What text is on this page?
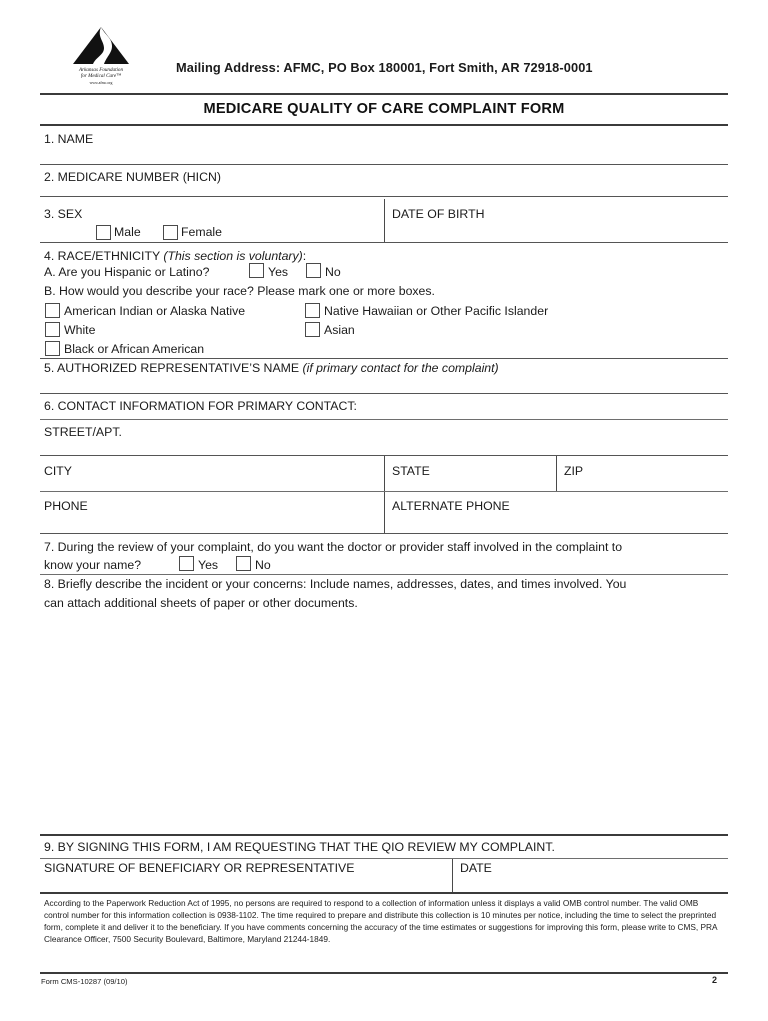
Arkansas Foundation
for Medical Care™
www.afmc.org
Mailing Address: AFMC, PO Box 180001, Fort Smith, AR 72918-0001
MEDICARE QUALITY OF CARE COMPLAINT FORM
1. NAME
2. MEDICARE NUMBER (HICN)
3. SEX
Male	Female
DATE OF BIRTH
4. RACE/ETHNICITY (This section is voluntary):
A. Are you Hispanic or Latino?	Yes	No
B. How would you describe your race? Please mark one or more boxes.
American Indian or Alaska Native
White
Black or African American
Native Hawaiian or Other Pacific Islander
Asian
5. AUTHORIZED REPRESENTATIVE’S NAME (if primary contact for the complaint)
6. CONTACT INFORMATION FOR PRIMARY CONTACT:
STREET/APT.
CITY	STATE	ZIP
PHONE	ALTERNATE PHONE
7. During the review of your complaint, do you want the doctor or provider staff involved in the complaint to
know your name?	Yes	No
8. Briefly describe the incident or your concerns: Include names, addresses, dates, and times involved. You
can attach additional sheets of paper or other documents.
9. BY SIGNING THIS FORM, I AM REQUESTING THAT THE QIO REVIEW MY COMPLAINT.
SIGNATURE OF BENEFICIARY OR REPRESENTATIVE	DATE
According to the Paperwork Reduction Act of 1995, no persons are required to respond to a collection of information unless it displays a valid OMB control number. The valid OMB control number for this information collection is 0938-1102. The time required to prepare and distribute this collection is 10 minutes per notice, including the time to select the preprinted form, complete it and deliver it to the beneficiary. If you have comments concerning the accuracy of the time estimates or suggestions for improving this form, please write to CMS, PRA Clearance Officer, 7500 Security Boulevard, Baltimore, Maryland 21244-1849.
Form CMS-10287 (09/10)	2
